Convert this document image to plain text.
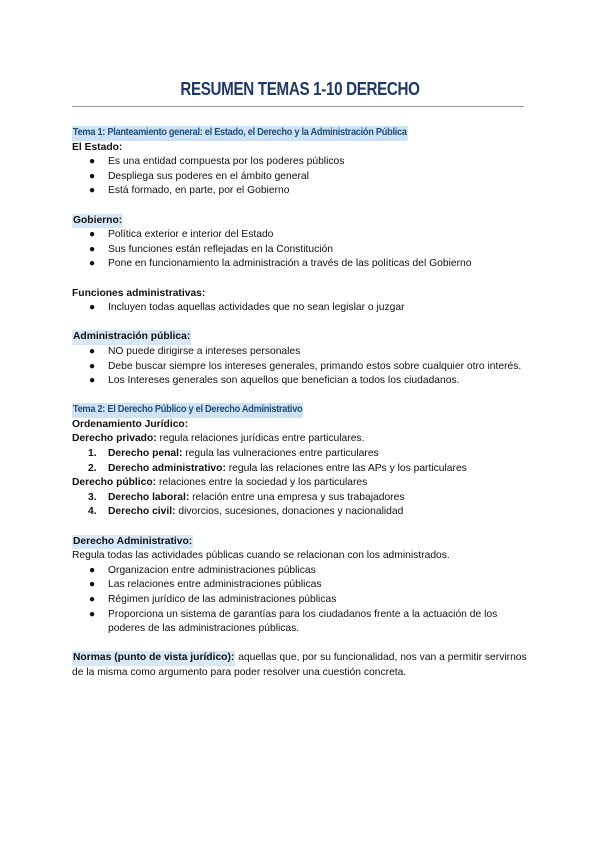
RESUMEN TEMAS 1-10 DERECHO

Tema 1: Planteamiento general: el Estado, el Derecho y la Administración Pública

El Estado:

● Es una entidad compuesta por los poderes públicos
● Despliega sus poderes en el ámbito general
● Está formado, en parte, por el Gobierno

Gobierno:

● Política exterior e interior del Estado
● Sus funciones están reflejadas en la Constitución
● Pone en funcionamiento la administración a través de las políticas del Gobierno

Funciones administrativas:

● Incluyen todas aquellas actividades que no sean legislar o juzgar

Administración pública:

● NO puede dirigirse a intereses personales
● Debe buscar siempre los intereses generales, primando estos sobre cualquier otro interés.
● Los Intereses generales son aquellos que benefician a todos los ciudadanos.

Tema 2: El Derecho Público y el Derecho Administrativo

Ordenamiento Jurídico:

Derecho privado: regula relaciones jurídicas entre particulares.

1. Derecho penal: regula las vulneraciones entre particulares
2. Derecho administrativo: regula las relaciones entre las APs y los particulares

Derecho público: relaciones entre la sociedad y los particulares

3. Derecho laboral: relación entre una empresa y sus trabajadores
4. Derecho civil: divorcios, sucesiones, donaciones y nacionalidad

Derecho Administrativo:

Regula todas las actividades públicas cuando se relacionan con los administrados.

● Organizacion entre administraciones públicas
● Las relaciones entre administraciones públicas
● Régimen jurídico de las administraciones públicas
● Proporciona un sistema de garantías para los ciudadanos frente a la actuación de los poderes de las administraciones públicas.

Normas (punto de vista jurídico): aquellas que, por su funcionalidad, nos van a permitir servirnos de la misma como argumento para poder resolver una cuestión concreta.
